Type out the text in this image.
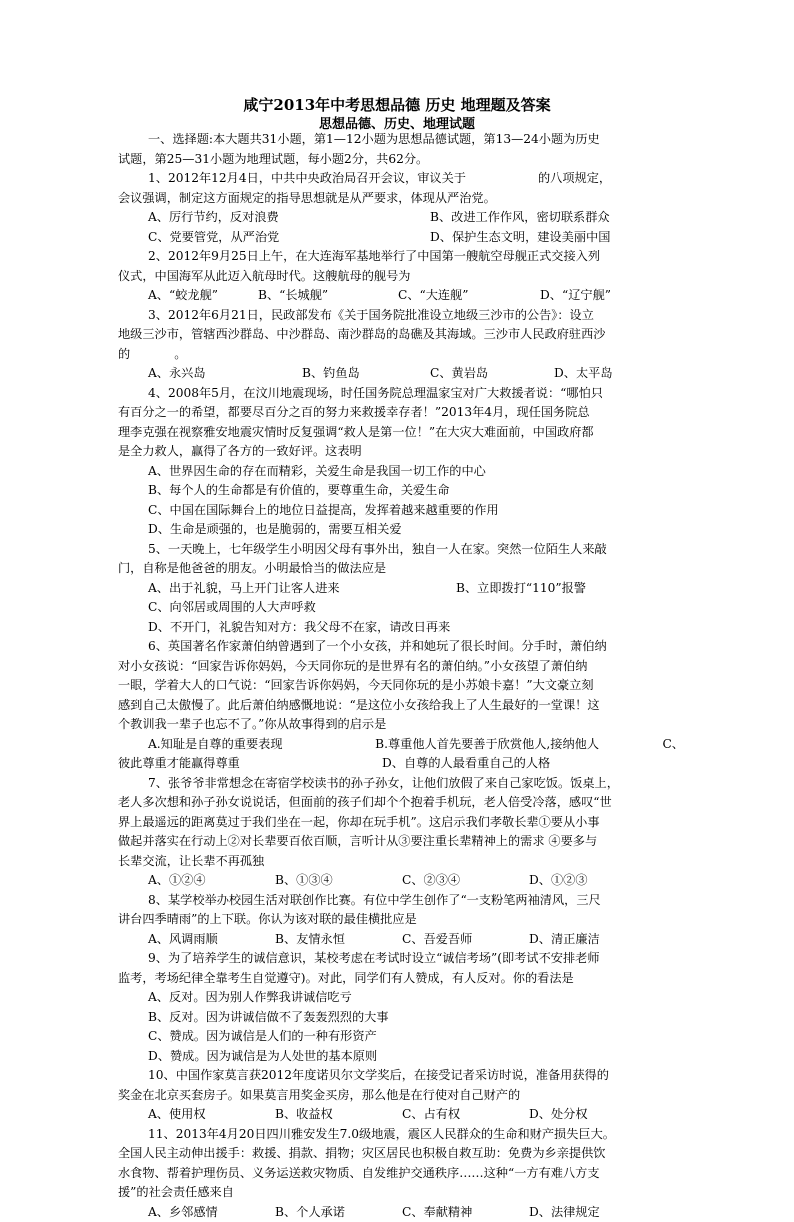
咸宁2013年中考思想品德 历史 地理题及答案
思想品德、历史、地理试题

一、选择题:本大题共31小题，第1—12小题为思想品德试题，第13—24小题为历史

试题，第25—31小题为地理试题，每小题2分，共62分。

1、2012年12月4日，中共中央政治局召开会议，审议关于	的八项规定，

会议强调，制定这方面规定的指导思想就是从严要求，体现从严治党。

A、厉行节约，反对浪费	B、改进工作作风，密切联系群众
C、党要管党，从严治党	D、保护生态文明，建设美丽中国

2、2012年9月25日上午，在大连海军基地举行了中国第一艘航空母舰正式交接入列

仪式，中国海军从此迈入航母时代。这艘航母的舰号为

A、“蛟龙舰”	B、“长城舰”	C、“大连舰”	D、“辽宁舰”

3、2012年6月21日，民政部发布《关于国务院批准设立地级三沙市的公告》：设立

地级三沙市，管辖西沙群岛、中沙群岛、南沙群岛的岛礁及其海域。三沙市人民政府驻西沙

的	。

A、永兴岛	B、钓鱼岛	C、黄岩岛	D、太平岛

4、2008年5月，在汶川地震现场，时任国务院总理温家宝对广大救援者说：“哪怕只

有百分之一的希望，都要尽百分之百的努力来救援幸存者！”2013年4月，现任国务院总

理李克强在视察雅安地震灾情时反复强调“救人是第一位！”在大灾大难面前，中国政府都

是全力救人，赢得了各方的一致好评。这表明

A、世界因生命的存在而精彩，关爱生命是我国一切工作的中心

B、每个人的生命都是有价值的，要尊重生命，关爱生命

C、中国在国际舞台上的地位日益提高，发挥着越来越重要的作用

D、生命是顽强的，也是脆弱的，需要互相关爱

5、一天晚上，七年级学生小明因父母有事外出，独自一人在家。突然一位陌生人来敲

门，自称是他爸爸的朋友。小明最恰当的做法应是

A、出于礼貌，马上开门让客人进来	B、立即拨打“110”报警

C、向邻居或周围的人大声呼救

D、不开门，礼貌告知对方：我父母不在家，请改日再来

6、英国著名作家萧伯纳曾遇到了一个小女孩，并和她玩了很长时间。分手时，萧伯纳

对小女孩说：“回家告诉你妈妈，今天同你玩的是世界有名的萧伯纳。”小女孩望了萧伯纳

一眼，学着大人的口气说：“回家告诉你妈妈，今天同你玩的是小苏娘卡嘉！”大文豪立刻

感到自己太傲慢了。此后萧伯纳感慨地说：“是这位小女孩给我上了人生最好的一堂课！这

个教训我一辈子也忘不了。”你从故事得到的启示是

A.知耻是自尊的重要表现	B.尊重他人首先要善于欣赏他人,接纳他人	C、
彼此尊重才能赢得尊重	D、自尊的人最看重自己的人格

7、张爷爷非常想念在寄宿学校读书的孙子孙女，让他们放假了来自己家吃饭。饭桌上，

老人多次想和孙子孙女说说话，但面前的孩子们却个个抱着手机玩，老人倍受冷落，感叹“世

界上最遥远的距离莫过于我们坐在一起，你却在玩手机”。这启示我们孝敬长辈①要从小事

做起并落实在行动上②对长辈要百依百顺，言听计从③要注重长辈精神上的需求 ④要多与

长辈交流，让长辈不再孤独

A、①②④	B、①③④	C、②③④	D、①②③

8、某学校举办校园生活对联创作比赛。有位中学生创作了“一支粉笔两袖清风，三尺

讲台四季晴雨”的上下联。你认为该对联的最佳横批应是

A、风调雨顺	B、友情永恒	C、吾爱吾师	D、清正廉洁

9、为了培养学生的诚信意识，某校考虑在考试时设立“诚信考场”(即考试不安排老师

监考，考场纪律全靠考生自觉遵守)。对此，同学们有人赞成，有人反对。你的看法是

A、反对。因为别人作弊我讲诚信吃亏

B、反对。因为讲诚信做不了轰轰烈烈的大事

C、赞成。因为诚信是人们的一种有形资产

D、赞成。因为诚信是为人处世的基本原则

10、中国作家莫言获2012年度诺贝尔文学奖后，在接受记者采访时说，准备用获得的

奖金在北京买套房子。如果莫言用奖金买房，那么他是在行使对自己财产的

A、使用权	B、收益权	C、占有权	D、处分权

11、2013年4月20日四川雅安发生7.0级地震，震区人民群众的生命和财产损失巨大。

全国人民主动伸出援手：救援、捐款、捐物；灾区居民也积极自救互助：免费为乡亲提供饮

水食物、帮着护理伤员、义务运送救灾物质、自发维护交通秩序……这种“一方有难八方支

援”的社会责任感来自

A、乡邻感情	B、个人承诺	C、奉献精神	D、法律规定
